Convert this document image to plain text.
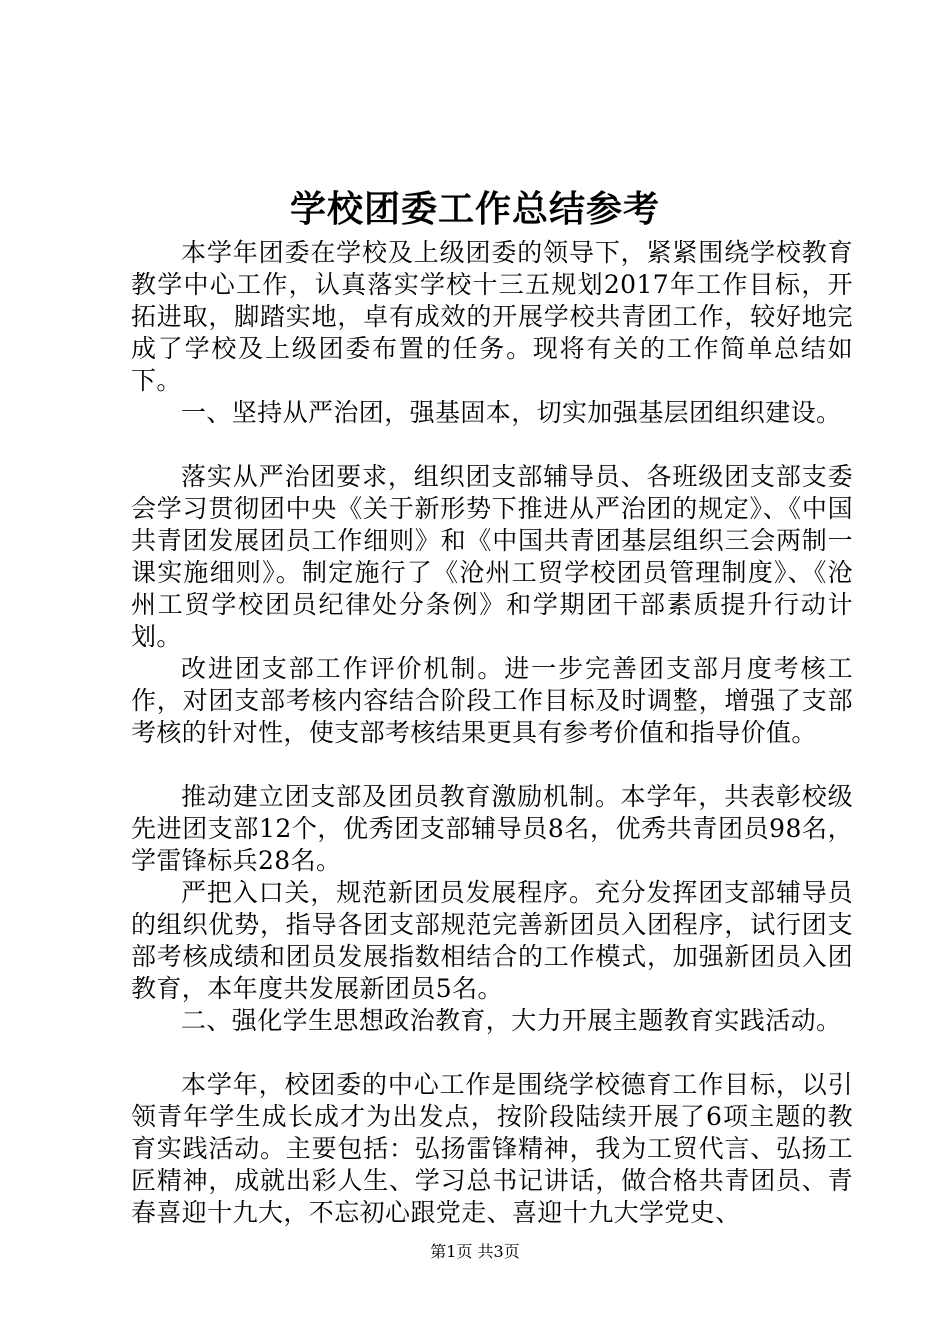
学校团委工作总结参考

本学年团委在学校及上级团委的领导下，紧紧围绕学校教育教学中心工作，认真落实学校十三五规划2017年工作目标，开拓进取，脚踏实地，卓有成效的开展学校共青团工作，较好地完成了学校及上级团委布置的任务。现将有关的工作简单总结如下。

一、坚持从严治团，强基固本，切实加强基层团组织建设。

落实从严治团要求，组织团支部辅导员、各班级团支部支委会学习贯彻团中央《关于新形势下推进从严治团的规定》、《中国共青团发展团员工作细则》和《中国共青团基层组织三会两制一课实施细则》。制定施行了《沧州工贸学校团员管理制度》、《沧州工贸学校团员纪律处分条例》和学期团干部素质提升行动计划。

改进团支部工作评价机制。进一步完善团支部月度考核工作，对团支部考核内容结合阶段工作目标及时调整，增强了支部考核的针对性，使支部考核结果更具有参考价值和指导价值。

推动建立团支部及团员教育激励机制。本学年，共表彰校级先进团支部12个，优秀团支部辅导员8名，优秀共青团员98名，学雷锋标兵28名。

严把入口关，规范新团员发展程序。充分发挥团支部辅导员的组织优势，指导各团支部规范完善新团员入团程序，试行团支部考核成绩和团员发展指数相结合的工作模式，加强新团员入团教育，本年度共发展新团员5名。

二、强化学生思想政治教育，大力开展主题教育实践活动。

本学年，校团委的中心工作是围绕学校德育工作目标，以引领青年学生成长成才为出发点，按阶段陆续开展了6项主题的教育实践活动。主要包括：弘扬雷锋精神，我为工贸代言、弘扬工匠精神，成就出彩人生、学习总书记讲话，做合格共青团员、青春喜迎十九大，不忘初心跟党走、喜迎十九大学党史、

第1页 共3页
